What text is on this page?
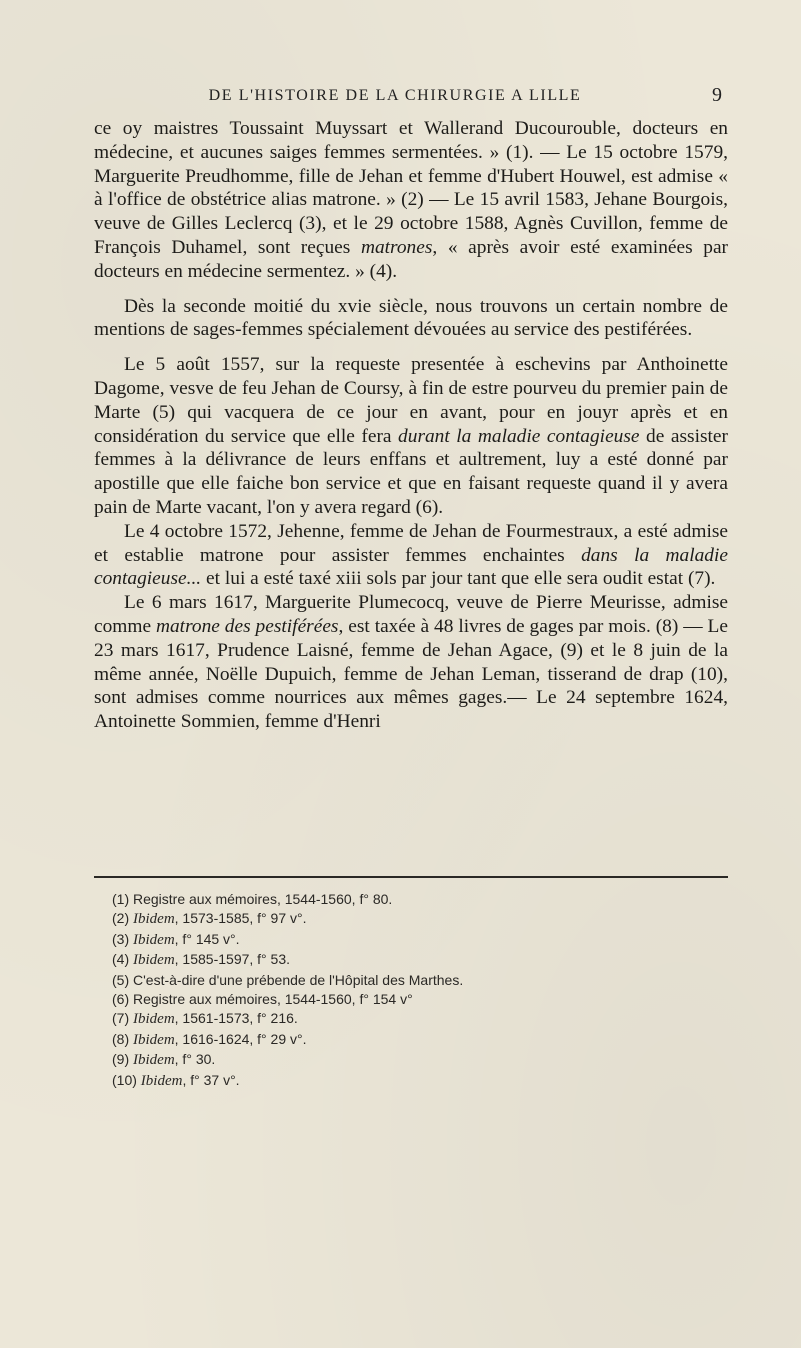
DE L'HISTOIRE DE LA CHIRURGIE A LILLE	9

ce oy maistres Toussaint Muyssart et Wallerand Ducourouble, docteurs en médecine, et aucunes saiges femmes sermentées. » (1). — Le 15 octobre 1579, Marguerite Preudhomme, fille de Jehan et femme d'Hubert Houwel, est admise « à l'office de obstétrice alias matrone. » (2) — Le 15 avril 1583, Jehane Bourgois, veuve de Gilles Leclercq (3), et le 29 octobre 1588, Agnès Cuvillon, femme de François Duhamel, sont reçues matrones, « après avoir esté examinées par docteurs en médecine sermentez. » (4).

Dès la seconde moitié du xvie siècle, nous trouvons un certain nombre de mentions de sages-femmes spécialement dévouées au service des pestiférées.

Le 5 août 1557, sur la requeste presentée à eschevins par Anthoinette Dagome, vesve de feu Jehan de Coursy, à fin de estre pourveu du premier pain de Marte (5) qui vacquera de ce jour en avant, pour en jouyr après et en considération du service que elle fera durant la maladie contagieuse de assister femmes à la délivrance de leurs enffans et aultrement, luy a esté donné par apostille que elle faiche bon service et que en faisant requeste quand il y avera pain de Marte vacant, l'on y avera regard (6).

Le 4 octobre 1572, Jehenne, femme de Jehan de Fourmestraux, a esté admise et establie matrone pour assister femmes enchaintes dans la maladie contagieuse... et lui a esté taxé xiii sols par jour tant que elle sera oudit estat (7).

Le 6 mars 1617, Marguerite Plumecocq, veuve de Pierre Meurisse, admise comme matrone des pestiférées, est taxée à 48 livres de gages par mois. (8) — Le 23 mars 1617, Prudence Laisné, femme de Jehan Agace, (9) et le 8 juin de la même année, Noëlle Dupuich, femme de Jehan Leman, tisserand de drap (10), sont admises comme nourrices aux mêmes gages.— Le 24 septembre 1624, Antoinette Sommien, femme d'Henri

(1) Registre aux mémoires, 1544-1560, f° 80.
(2) Ibidem, 1573-1585, f° 97 v°.
(3) Ibidem, f° 145 v°.
(4) Ibidem, 1585-1597, f° 53.
(5) C'est-à-dire d'une prébende de l'Hôpital des Marthes.
(6) Registre aux mémoires, 1544-1560, f° 154 v°
(7) Ibidem, 1561-1573, f° 216.
(8) Ibidem, 1616-1624, f° 29 v°.
(9) Ibidem, f° 30.
(10) Ibidem, f° 37 v°.
